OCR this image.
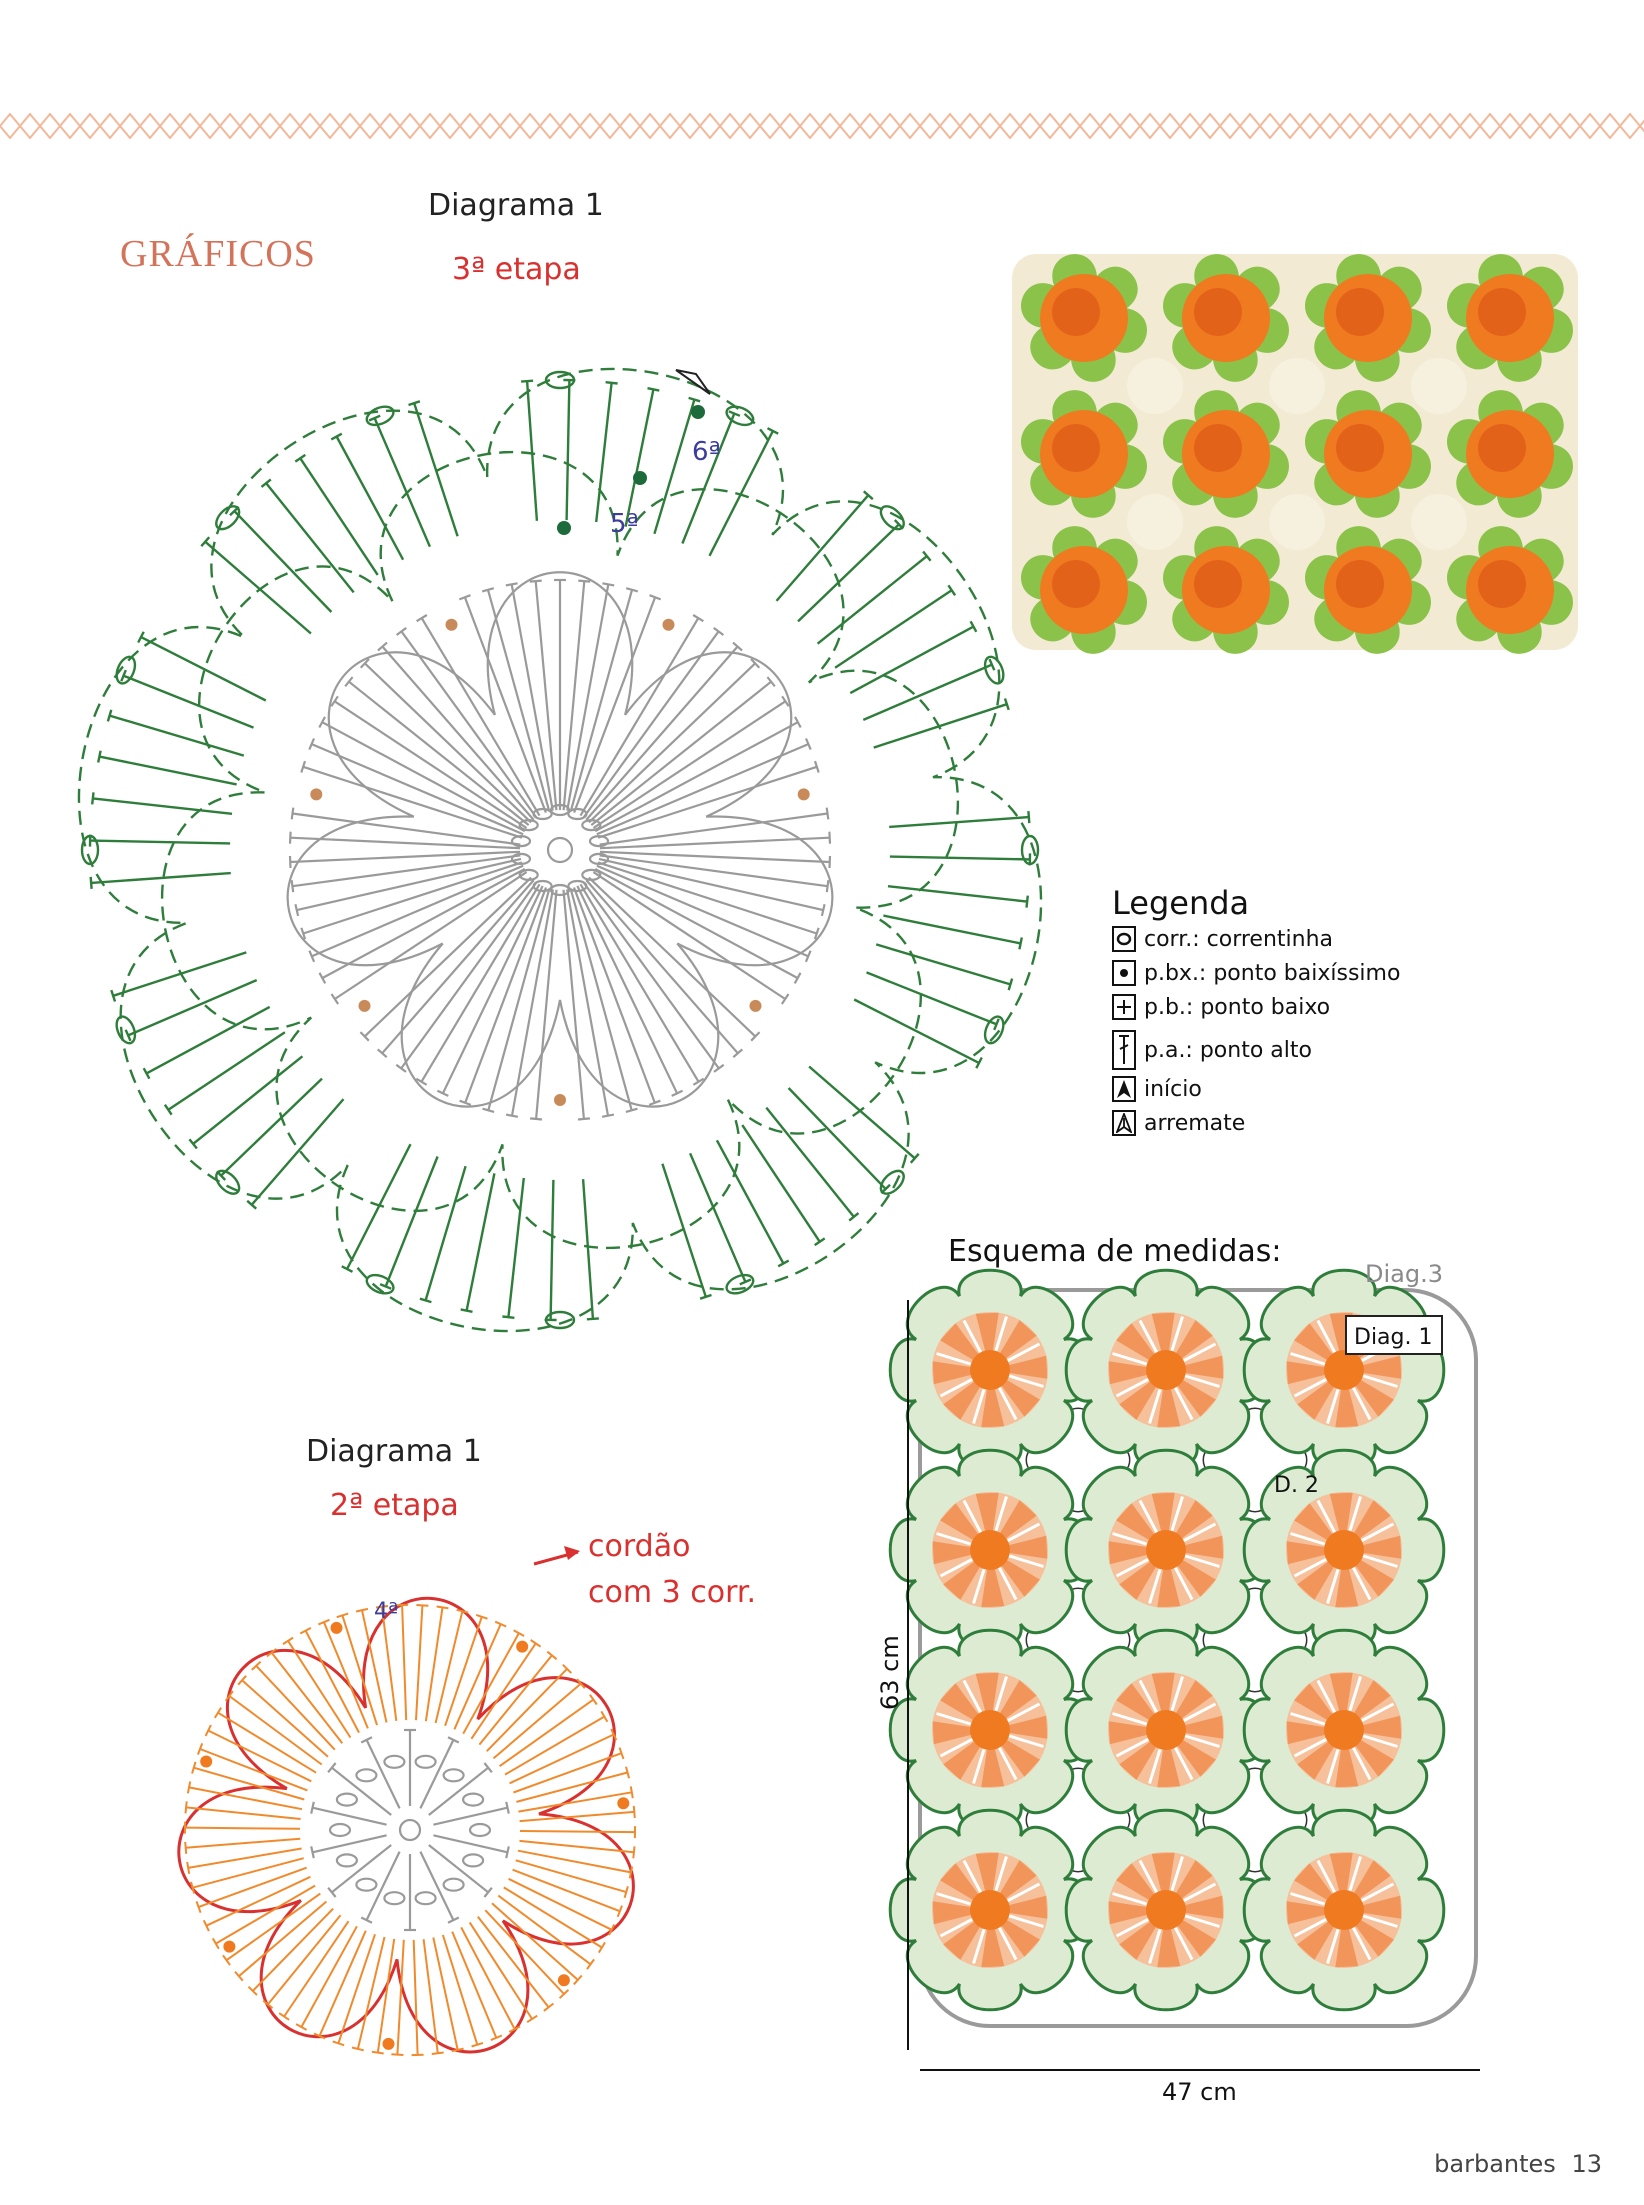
GRÁFICOS
Diagrama 1
3ª etapa
6ª
5ª
Legenda
corr.: correntinha
p.bx.: ponto baixíssimo
p.b.: ponto baixo
p.a.: ponto alto
início
arremate
Esquema de medidas:
Diag.3
Diag. 1
D. 2
63 cm
47 cm
Diagrama 1
2ª etapa
cordão
com 3 corr.
4ª
barbantes 13
